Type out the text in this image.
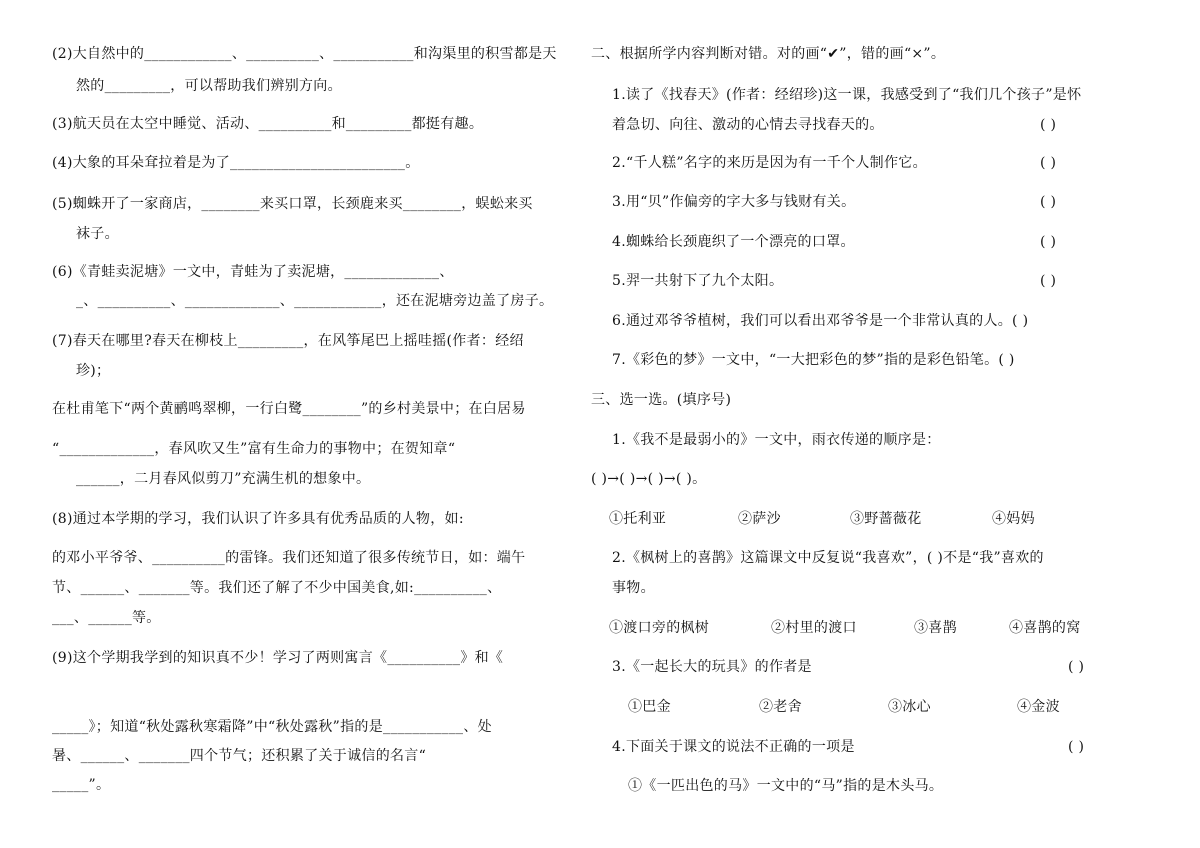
(2)大自然中的____________、__________、___________和沟渠里的积雪都是天
然的_________，可以帮助我们辨别方向。
(3)航天员在太空中睡觉、活动、__________和_________都挺有趣。
(4)大象的耳朵耷拉着是为了________________________。
(5)蜘蛛开了一家商店，________来买口罩，长颈鹿来买________，蜈蚣来买
袜子。
(6)《青蛙卖泥塘》一文中，青蛙为了卖泥塘，_____________、
_、__________、_____________、____________，还在泥塘旁边盖了房子。
(7)春天在哪里?春天在柳枝上_________，在风筝尾巴上摇哇摇(作者：经绍
珍)；
在杜甫笔下“两个黄鹂鸣翠柳，一行白鹭________”的乡村美景中；在白居易
“_____________，春风吹又生”富有生命力的事物中；在贺知章“
______，二月春风似剪刀”充满生机的想象中。
(8)通过本学期的学习，我们认识了许多具有优秀品质的人物，如:
的邓小平爷爷、__________的雷锋。我们还知道了很多传统节日，如：端午
节、______、_______等。我们还了解了不少中国美食,如:__________、
___、______等。
(9)这个学期我学到的知识真不少！学习了两则寓言《__________》和《
_____》；知道“秋处露秋寒霜降”中“秋处露秋”指的是___________、处
暑、______、_______四个节气；还积累了关于诚信的名言“
_____”。
二、根据所学内容判断对错。对的画“✔”，错的画“×”。
1.读了《找春天》(作者：经绍珍)这一课，我感受到了“我们几个孩子”是怀
着急切、向往、激动的心情去寻找春天的。	( )
2.“千人糕”名字的来历是因为有一千个人制作它。	( )
3.用“贝”作偏旁的字大多与钱财有关。	( )
4.蜘蛛给长颈鹿织了一个漂亮的口罩。	( )
5.羿一共射下了九个太阳。	( )
6.通过邓爷爷植树，我们可以看出邓爷爷是一个非常认真的人。( )
7.《彩色的梦》一文中，“一大把彩色的梦”指的是彩色铅笔。( )
三、选一选。(填序号)
1.《我不是最弱小的》一文中，雨衣传递的顺序是：
( )→( )→( )→( )。
①托利亚	②萨沙	③野蔷薇花	④妈妈
2.《枫树上的喜鹊》这篇课文中反复说“我喜欢”，( )不是“我”喜欢的
事物。
①渡口旁的枫树	②村里的渡口	③喜鹊	④喜鹊的窝
3.《一起长大的玩具》的作者是	( )
①巴金	②老舍	③冰心	④金波
4.下面关于课文的说法不正确的一项是	( )
①《一匹出色的马》一文中的“马”指的是木头马。
